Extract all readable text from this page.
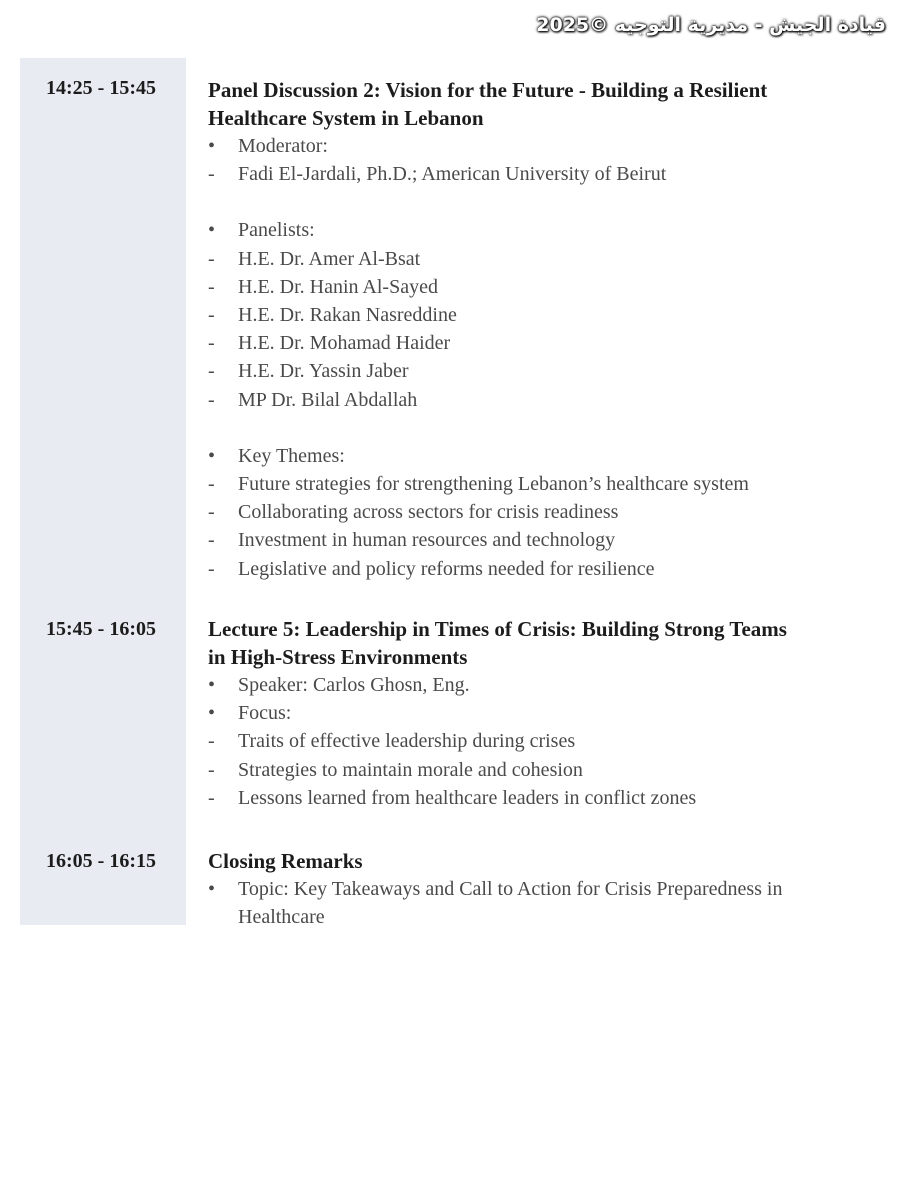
قيادة الجيش - مديرية التوجيه ©2025
14:25 - 15:45 Panel Discussion 2: Vision for the Future - Building a Resilient
Healthcare System in Lebanon
•	Moderator:
-	Fadi El-Jardali, Ph.D.; American University of Beirut
•	Panelists:
-	H.E. Dr. Amer Al-Bsat
-	H.E. Dr. Hanin Al-Sayed
-	H.E. Dr. Rakan Nasreddine
-	H.E. Dr. Mohamad Haider
-	H.E. Dr. Yassin Jaber
-	MP Dr. Bilal Abdallah
•	Key Themes:
-	Future strategies for strengthening Lebanon’s healthcare system
-	Collaborating across sectors for crisis readiness
-	Investment in human resources and technology
-	Legislative and policy reforms needed for resilience
15:45 - 16:05 Lecture 5: Leadership in Times of Crisis: Building Strong Teams
in High-Stress Environments
•	Speaker: Carlos Ghosn, Eng.
•	Focus:
-	Traits of effective leadership during crises
-	Strategies to maintain morale and cohesion
-	Lessons learned from healthcare leaders in conflict zones
16:05 - 16:15 Closing Remarks
•	Topic: Key Takeaways and Call to Action for Crisis Preparedness in
Healthcare
